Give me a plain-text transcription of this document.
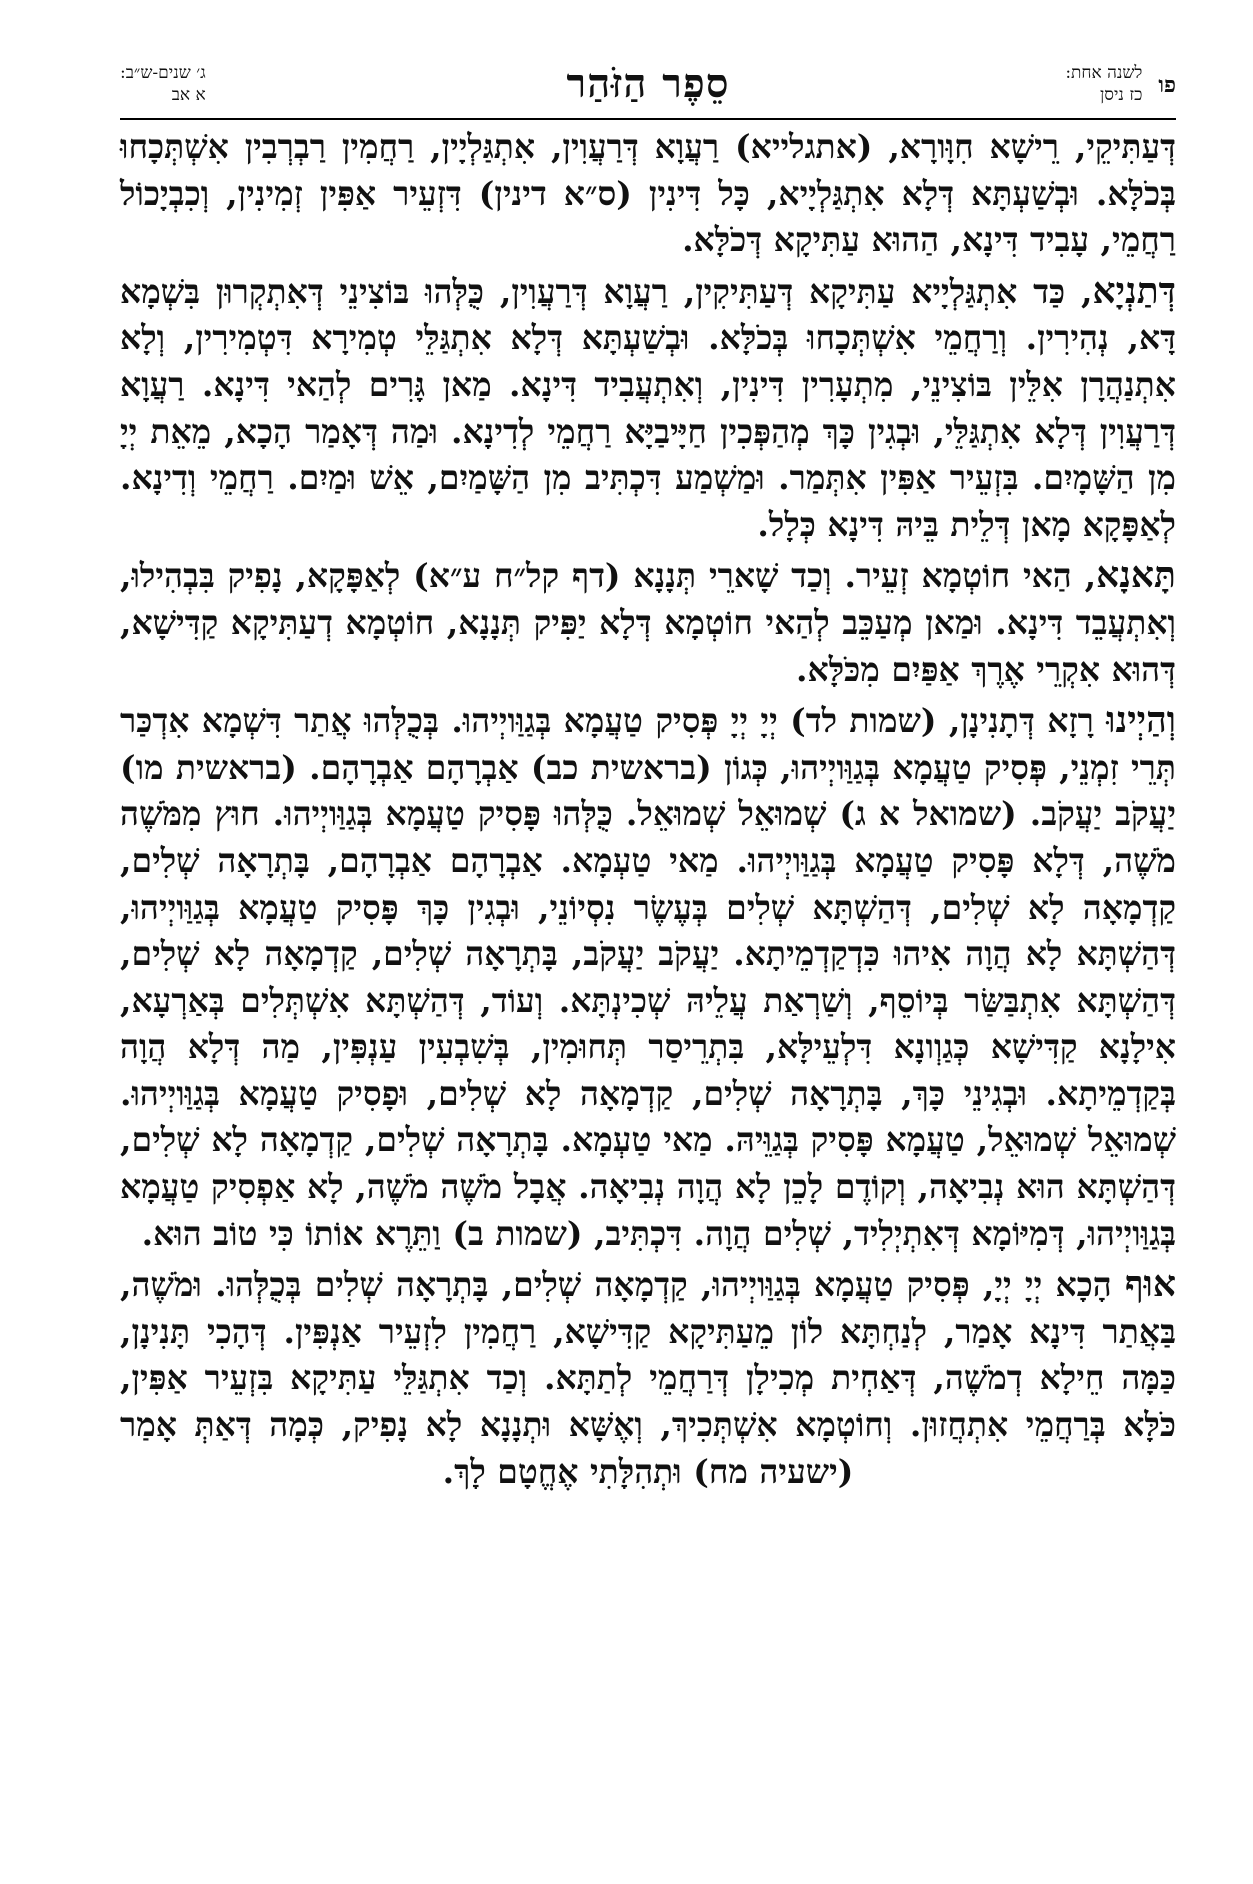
פו
לשנה אחת:
כז ניסן
סֵפֶר הַזֹּהַר
ג׳ שנים-ש״ב:
א אב

דְּעַתִּיקֵי, רֵישָׁא חִוָּורָא, (אתגלייא) רַעֲוָא דְּרַעֲוִין, אִתְגַּלְיָין, רַחֲמִין רַבְרְבִין אִשְׁתְּכָחוּ בְּכֹלָּא. וּבְשַׁעְתָּא דְּלָא אִתְגַּלְיָיא, כָּל דִּינִין (ס״א דינין) דִּזְעֵיר אַפִּין זְמִינִין, וְכִבְיָכוֹל רַחֲמֵי, עָבִיד דִּינָא, הַהוּא עַתִּיקָא דְּכֹלָּא.

דְּתַנְיָא, כַּד אִתְגַּלְיָיא עַתִּיקָא דְּעַתִּיקִין, רַעֲוָא דְּרַעֲוִין, כֻּלְּהוּ בּוֹצִינֵי דְּאִתְקְרוּן בִּשְׁמָא דָּא, נְהִירִין. וְרַחֲמֵי אִשְׁתְּכָחוּ בְּכֹלָּא. וּבְשַׁעְתָּא דְּלָא אִתְגַּלֵּי טְמִירָא דִּטְמִירִין, וְלָא אִתְנַהֲרָן אִלֵּין בּוֹצִינֵי, מִתְעָרִין דִּינִין, וְאִתְעֲבִיד דִּינָא. מַאן גָּרִים לְהַאי דִּינָא. רַעֲוָא דְּרַעֲוִין דְּלָא אִתְגַּלֵּי, וּבְגִין כָּךְ מְהַפְּכִין חַיָּיבַיָּא רַחֲמֵי לְדִינָא. וּמַה דְּאָמַר הָכָא, מֵאֵת יְיָ מִן הַשָּׁמָיִם. בִּזְעֵיר אַפִּין אִתְּמַר. וּמַשְׁמַע דִּכְתִּיב מִן הַשָּׁמַיִם, אֵשׁ וּמַיִם. רַחֲמֵי וְדִינָא. לְאַפָּקָא מָאן דְּלֵית בֵּיהּ דִּינָא כְּלָל.

תָּאנָא, הַאי חוֹטְמָא זְעֵיר. וְכַד שָׁארֵי תְּנָנָא (דף קל״ח ע״א) לְאַפָּקָא, נָפִיק בִּבְהִילוּ, וְאִתְעֲבֵד דִּינָא. וּמַאן מְעַכֵּב לְהַאי חוֹטְמָא דְּלָא יַפִּיק תְּנָנָא, חוֹטְמָא דְעַתִּיקָא קַדִּישָׁא, דְּהוּא אִקְרֵי אֶרֶךְ אַפַּיִם מִכֹּלָּא.

וְהַיְינוּ רָזָא דְּתָנִינָן, (שמות לד) יְיָ יְיָ פְּסִיק טַעֲמָא בְּגַוַּויְיהוּ. בְּכֻלְּהוּ אֲתַר דִּשְׁמָא אִדְכַּר תְּרֵי זִמְנֵי, פְּסִיק טַעֲמָא בְּגַוַּויְיהוּ, כְּגוֹן (בראשית כב) אַבְרָהָם אַבְרָהָם. (בראשית מו) יַעֲקֹב יַעֲקֹב. (שמואל א ג) שְׁמוּאֵל שְׁמוּאֵל. כֻּלְּהוּ פָּסִיק טַעֲמָא בְּגַוַּויְיהוּ. חוּץ מִמֹּשֶׁה מֹשֶׁה, דְּלָא פָּסִיק טַעֲמָא בְּגַוַּויְיהוּ. מַאי טַעְמָא. אַבְרָהָם אַבְרָהָם, בָּתְרָאָה שְׁלִים, קַדְמָאָה לָא שְׁלִים, דְּהַשְׁתָּא שְׁלִים בְּעֶשֶׂר נִסְיוֹנֵי, וּבְגִין כָּךְ פָּסִיק טַעֲמָא בְּגַוַּויְיהוּ, דְּהַשְׁתָּא לָא הֲוָה אִיהוּ כִּדְקַדְמֵיתָא. יַעֲקֹב יַעֲקֹב, בָּתְרָאָה שְׁלִים, קַדְמָאָה לָא שְׁלִים, דְּהַשְׁתָּא אִתְבַּשַּׂר בְּיוֹסֵף, וְשַׁרְאַת עֲלֵיהּ שְׁכִינְתָּא. וְעוֹד, דְּהַשְׁתָּא אִשְׁתְּלִים בְּאַרְעָא, אִילָנָא קַדִּישָׁא כְּגַוְונָא דִּלְעֵילָּא, בִּתְרֵיסַר תְּחוּמִין, בְּשִׁבְעִין עַנְפִּין, מַה דְּלָא הֲוָה בְּקַדְמֵיתָא. וּבְגִינֵי כָּךְ, בָּתְרָאָה שְׁלִים, קַדְמָאָה לָא שְׁלִים, וּפָסִיק טַעֲמָא בְּגַוַּויְיהוּ. שְׁמוּאֵל שְׁמוּאֵל, טַעֲמָא פָּסִיק בְּגַוֵּיהּ. מַאי טַעְמָא. בָּתְרָאָה שְׁלִים, קַדְמָאָה לָא שְׁלִים, דְּהַשְׁתָּא הוּא נְבִיאָה, וְקוֹדֶם לָכֵן לָא הֲוָה נְבִיאָה. אֲבָל מֹשֶׁה מֹשֶׁה, לָא אַפְסִיק טַעֲמָא בְּגַוַּויְיהוּ, דְּמִיּוֹמָא דְּאִתְיְלִיד, שְׁלִים הֲוָה. דִּכְתִּיב, (שמות ב) וַתֵּרֶא אוֹתוֹ כִּי טוֹב הוּא.

אוּף הָכָא יְיָ יְיָ, פְּסִיק טַעֲמָא בְּגַוַּויְיהוּ, קַדְמָאָה שְׁלִים, בָּתְרָאָה שְׁלִים בְּכֻלְּהוּ. וּמֹשֶׁה, בַּאֲתַר דִּינָא אָמַר, לְנַחְתָּא לוֹן מֵעַתִּיקָא קַדִּישָׁא, רַחֲמִין לִזְעֵיר אַנְפִּין. דְּהָכִי תָּנִינָן, כַּמָּה חֵילָא דְמֹשֶׁה, דְּאַחְית מְכִילָן דְּרַחֲמֵי לְתַתָּא. וְכַד אִתְגַּלֵּי עַתִּיקָא בִּזְעֵיר אַפִּין, כֹּלָּא בְּרַחֲמֵי אִתְחֲזוּן. וְחוֹטְמָא אִשְׁתְּכִיךְ, וְאֶשָּׁא וּתְנָנָא לָא נָפִיק, כְּמָה דְּאַתְּ אָמַר (ישעיה מח) וּתְהִלָּתִי אֶחֱטָם לָךְ.
